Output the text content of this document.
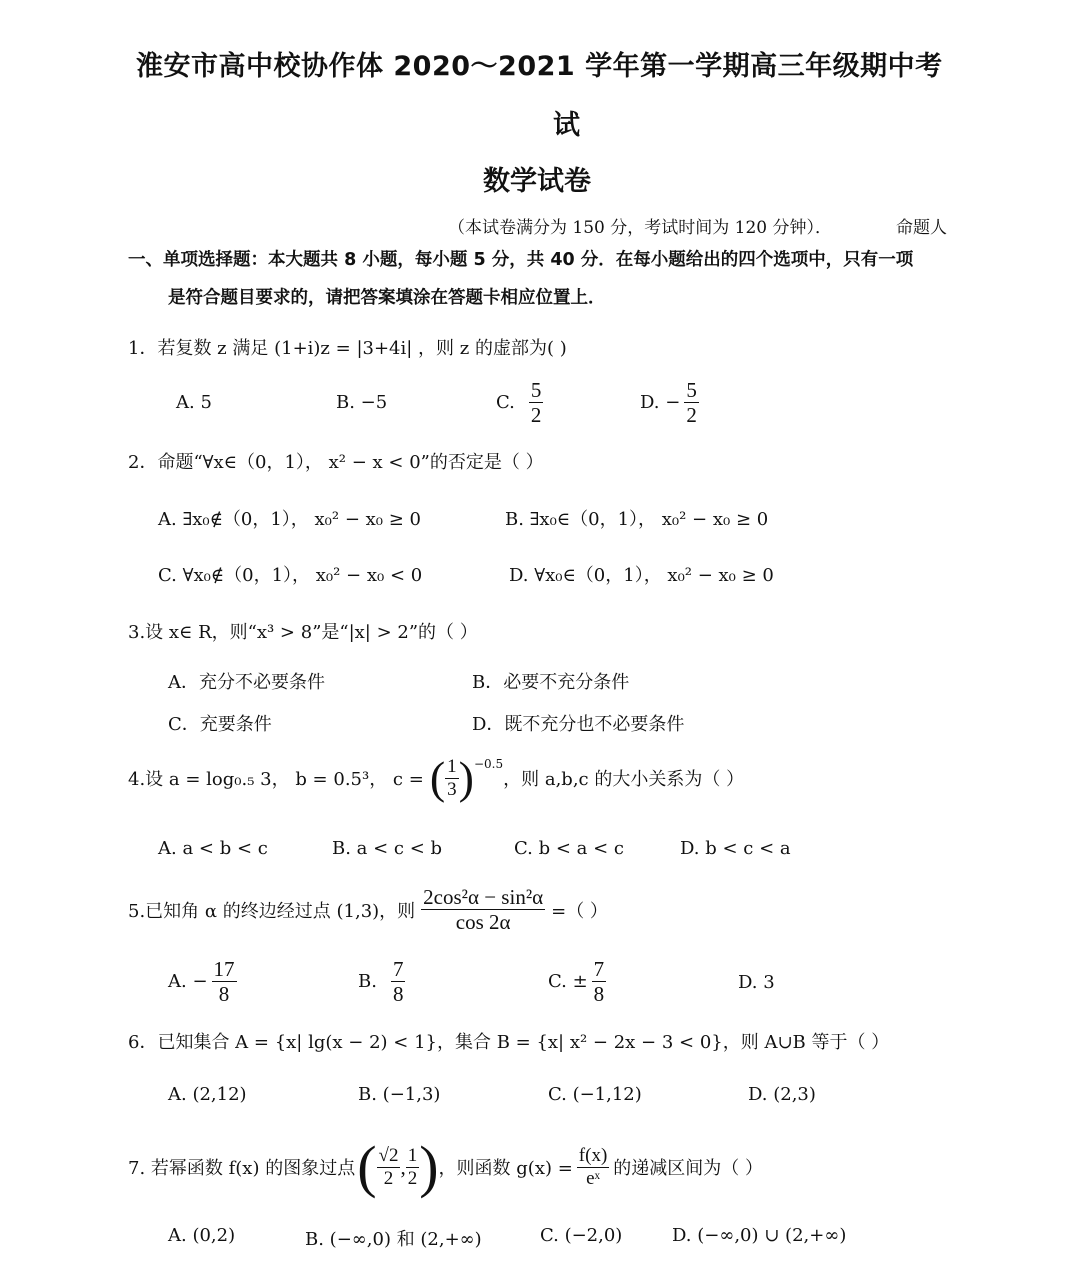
淮安市高中校协作体 2020～2021 学年第一学期高三年级期中考
试
数学试卷
（本试卷满分为 150 分，考试时间为 120 分钟）．	命题人
一、单项选择题：本大题共 8 小题，每小题 5 分，共 40 分．在每小题给出的四个选项中，只有一项
是符合题目要求的，请把答案填涂在答题卡相应位置上．
1．若复数 z 满足 (1+i)z = |3+4i| ，则 z 的虚部为( )
A. 5	B. −5	C. $\frac{5}{2}$	D. − $\frac{5}{2}$
2．命题“∀x∈（0，1）， x² − x < 0”的否定是（ ）
A. ∃x₀∉（0，1）， x₀² − x₀ ≥ 0	B. ∃x₀∈（0，1）， x₀² − x₀ ≥ 0
C. ∀x₀∉（0，1）， x₀² − x₀ < 0	D. ∀x₀∈（0，1）， x₀² − x₀ ≥ 0
3.设 x∈ R，则“x³ > 8”是“|x| > 2”的（ ）
A．充分不必要条件	B．必要不充分条件
C．充要条件	D．既不充分也不必要条件
4.设 a = log₀.₅ 3， b = 0.5³， c = ( $\frac{1}{3}$ ) −0.5
，则 a,b,c 的大小关系为（ ）
A. a < b < c	B. a < c < b	C. b < a < c	D. b < c < a
5.已知角 α 的终边经过点 (1,3)，则 $\frac{\text{2cos²α − sin²α}}{\cos 2\alpha}$ =（ ）
A. − $\frac{17}{8}$	B. $\frac{7}{8}$	C. ± $\frac{7}{8}$	D. 3
6．已知集合 A = {x| lg(x − 2) < 1}，集合 B = {x| x² − 2x − 3 < 0}，则 A∪B 等于（ ）
A. (2,12)	B. (−1,3)	C. (−1,12)	D. (2,3)
7. 若幂函数 f(x) 的图象过点 ( $\frac{√2}{2}$ , $\frac{1}{2}$ ) ，则函数 $g(x) = \frac{f(x)}{\text{eˣ}}$ 的递减区间为（ ）
A. (0,2)	B. (−∞,0) 和 (2,+∞)	C. (−2,0)	D. (−∞,0) ∪ (2,+∞)
